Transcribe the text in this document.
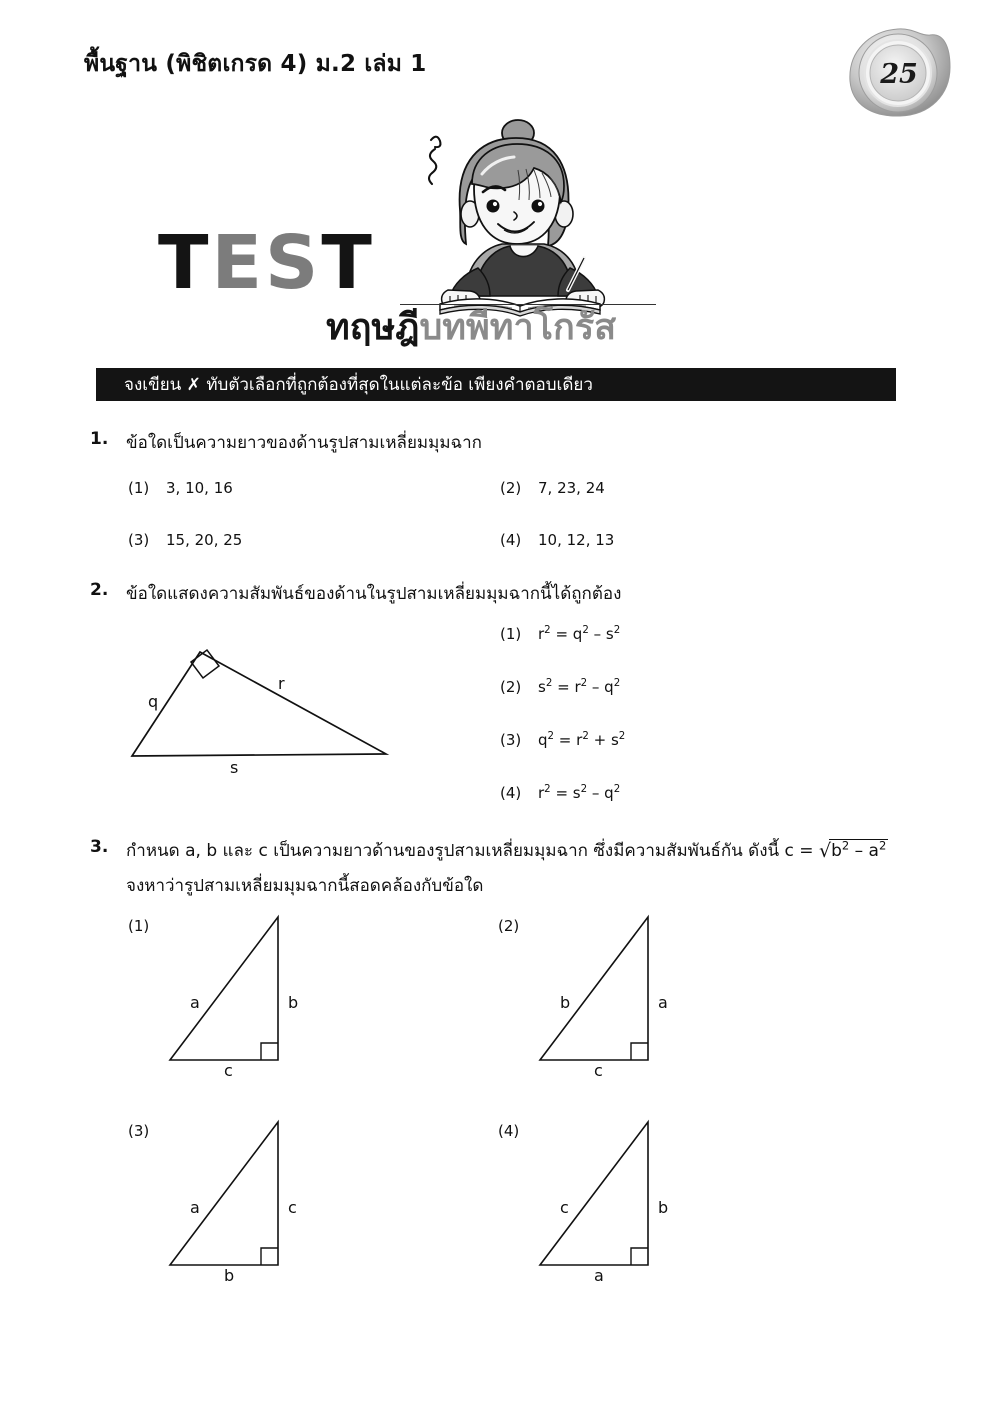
พื้นฐาน (พิชิตเกรด 4) ม.2 เล่ม 1	25
TEST
ทฤษฎีบทพีทาโกรัส
จงเขียน ✗ ทับตัวเลือกที่ถูกต้องที่สุดในแต่ละข้อ เพียงคำตอบเดียว
1. ข้อใดเป็นความยาวของด้านรูปสามเหลี่ยมมุมฉาก
(1) 3, 10, 16	(2) 7, 23, 24
(3) 15, 20, 25	(4) 10, 12, 13
2. ข้อใดแสดงความสัมพันธ์ของด้านในรูปสามเหลี่ยมมุมฉากนี้ได้ถูกต้อง
q
r
s
(1) $r^2 = q^2 - s^2$
(2) $s^2 = r^2 - q^2$
(3) $q^2 = r^2 + s^2$
(4) $r^2 = s^2 - q^2$
3. กำหนด a, b และ c เป็นความยาวด้านของรูปสามเหลี่ยมมุมฉาก ซึ่งมีความสัมพันธ์กัน ดังนี้ $c = √b^2 - a^2$
จงหาว่ารูปสามเหลี่ยมมุมฉากนี้สอดคล้องกับข้อใด
(1)
a	b
c
(2)
b	a
c
(3)
a	c
b
(4)
c	b
a
